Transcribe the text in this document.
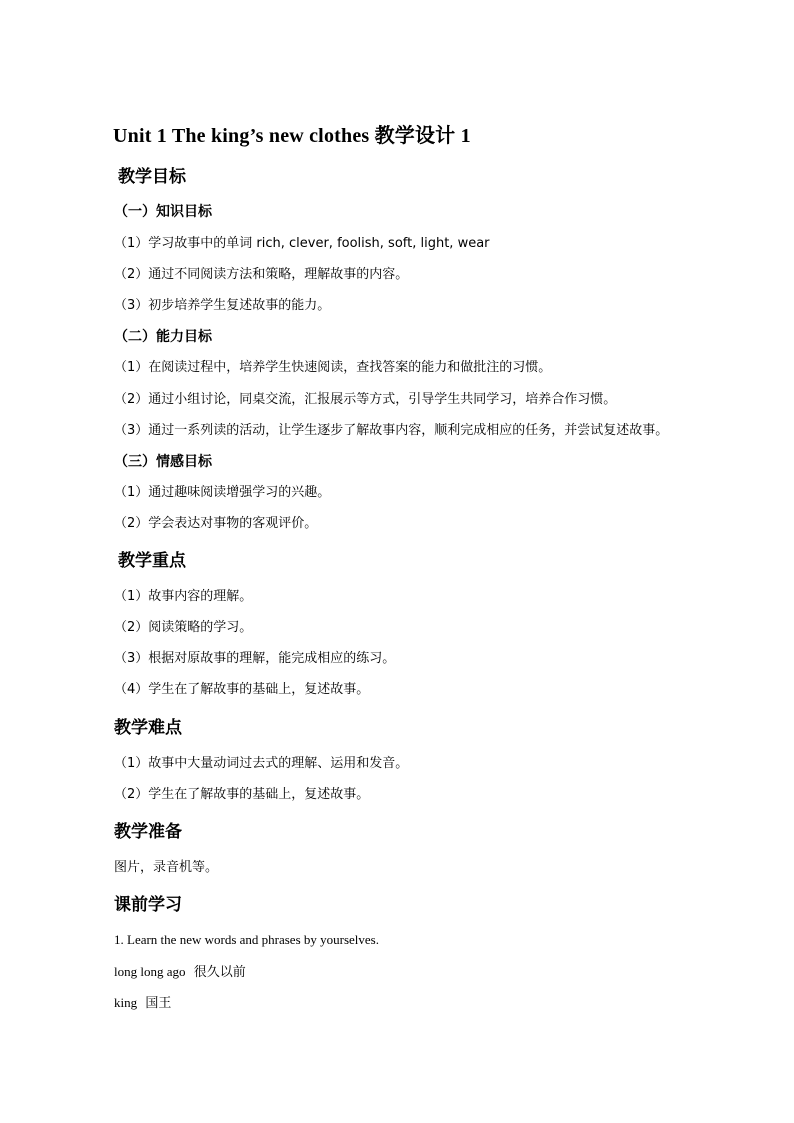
Unit 1 The king’s new clothes 教学设计 1
教学目标
（一）知识目标
（1）学习故事中的单词 rich, clever, foolish, soft, light, wear
（2）通过不同阅读方法和策略，理解故事的内容。
（3）初步培养学生复述故事的能力。
（二）能力目标
（1）在阅读过程中，培养学生快速阅读，查找答案的能力和做批注的习惯。
（2）通过小组讨论，同桌交流，汇报展示等方式，引导学生共同学习，培养合作习惯。
（3）通过一系列读的活动，让学生逐步了解故事内容，顺利完成相应的任务，并尝试复述故事。
（三）情感目标
（1）通过趣味阅读增强学习的兴趣。
（2）学会表达对事物的客观评价。
教学重点
（1）故事内容的理解。
（2）阅读策略的学习。
（3）根据对原故事的理解，能完成相应的练习。
（4）学生在了解故事的基础上，复述故事。
教学难点
（1）故事中大量动词过去式的理解、运用和发音。
（2）学生在了解故事的基础上，复述故事。
教学准备
图片，录音机等。
课前学习
1. Learn the new words and phrases by yourselves.
long long ago 很久以前
king 国王
